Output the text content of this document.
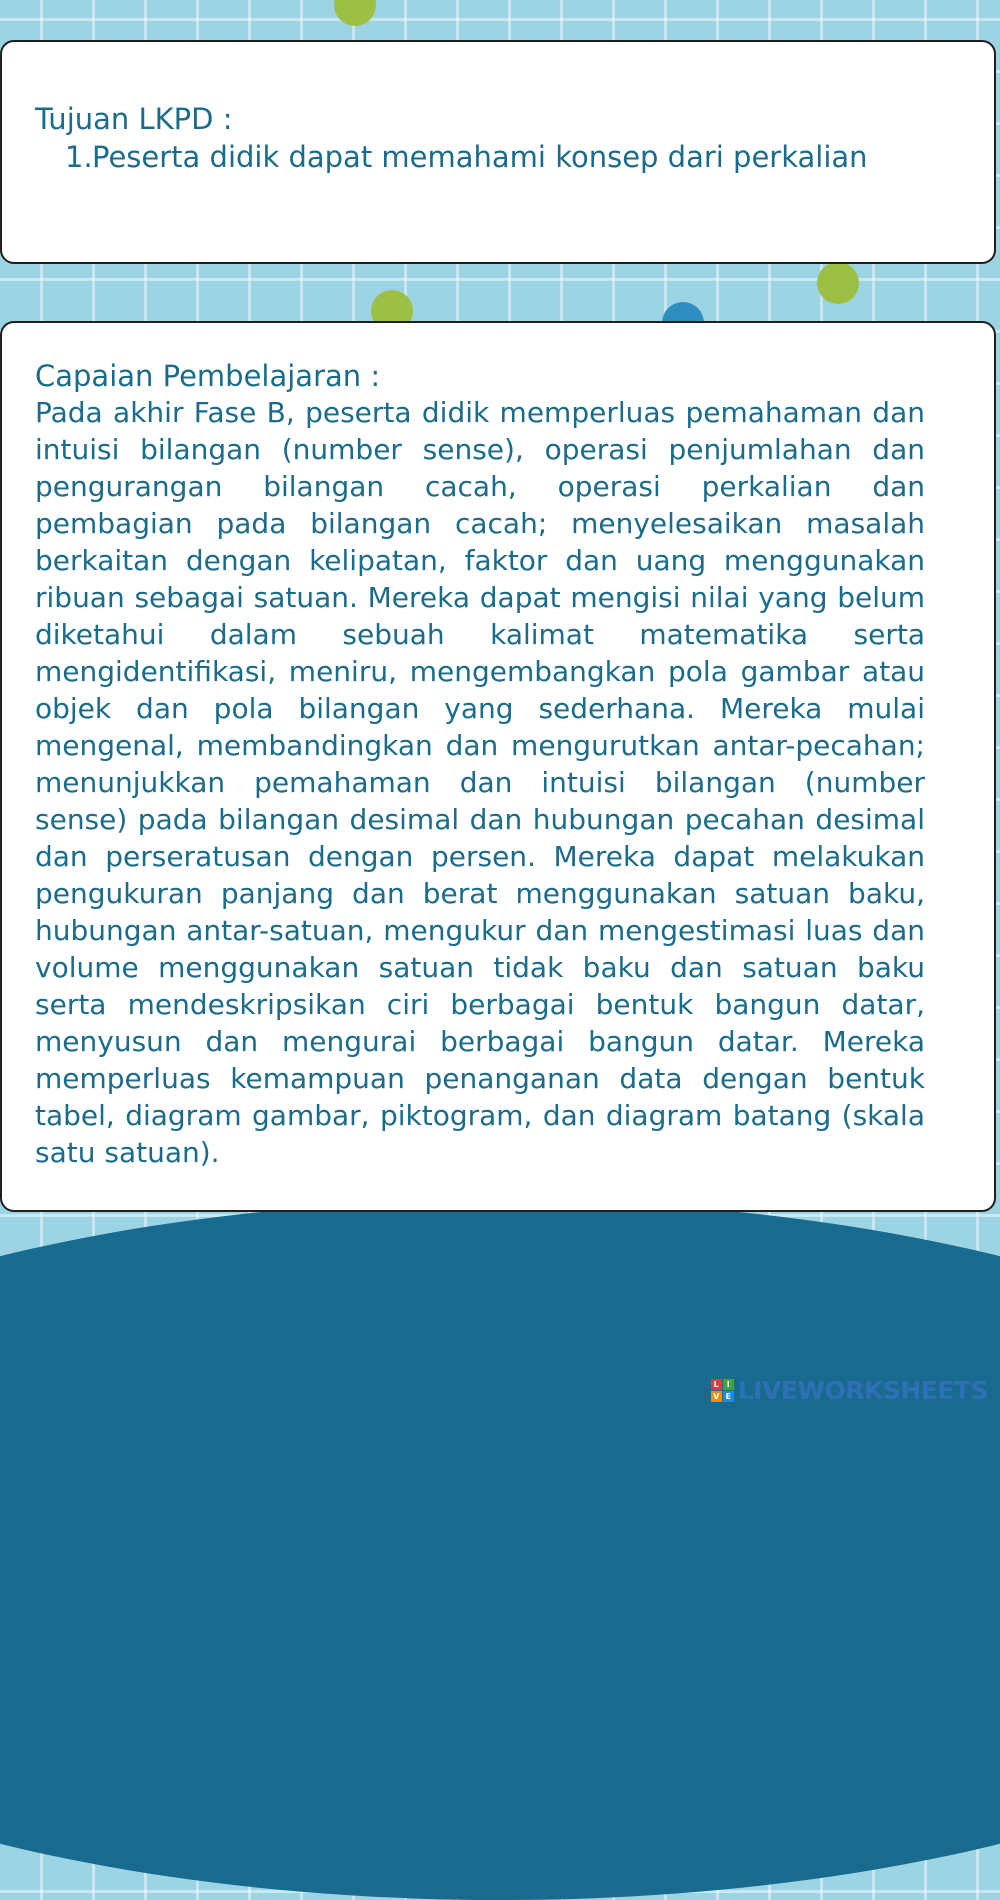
Tujuan LKPD :
1. Peserta didik dapat memahami konsep dari perkalian
Capaian Pembelajaran :

Pada akhir Fase B, peserta didik memperluas pemahaman dan intuisi bilangan (number sense), operasi penjumlahan dan pengurangan bilangan cacah, operasi perkalian dan pembagian pada bilangan cacah; menyelesaikan masalah berkaitan dengan kelipatan, faktor dan uang menggunakan ribuan sebagai satuan. Mereka dapat mengisi nilai yang belum diketahui dalam sebuah kalimat matematika serta mengidentifikasi, meniru, mengembangkan pola gambar atau objek dan pola bilangan yang sederhana. Mereka mulai mengenal, membandingkan dan mengurutkan antar-pecahan; menunjukkan pemahaman dan intuisi bilangan (number sense) pada bilangan desimal dan hubungan pecahan desimal dan perseratusan dengan persen. Mereka dapat melakukan pengukuran panjang dan berat menggunakan satuan baku, hubungan antar-satuan, mengukur dan mengestimasi luas dan volume menggunakan satuan tidak baku dan satuan baku serta mendeskripsikan ciri berbagai bentuk bangun datar, menyusun dan mengurai berbagai bangun datar. Mereka memperluas kemampuan penanganan data dengan bentuk tabel, diagram gambar, piktogram, dan diagram batang (skala satu satuan).

L I
V E LIVEWORKSHEETS
